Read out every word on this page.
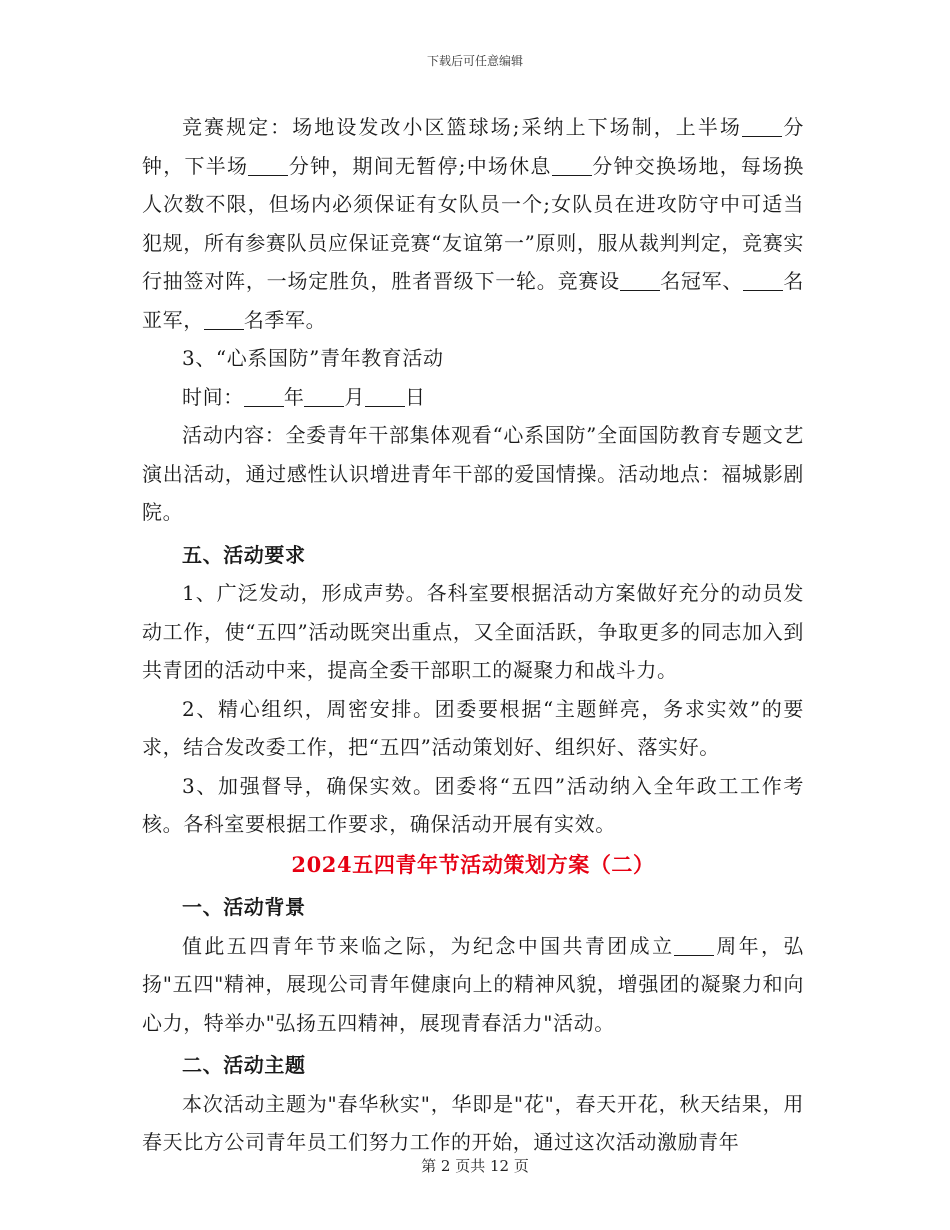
下载后可任意编辑

竞赛规定：场地设发改小区篮球场;采纳上下场制，上半场 分钟，下半场 分钟，期间无暂停;中场休息 分钟交换场地，每场换人次数不限，但场内必须保证有女队员一个;女队员在进攻防守中可适当犯规，所有参赛队员应保证竞赛“友谊第一”原则，服从裁判判定，竞赛实行抽签对阵，一场定胜负，胜者晋级下一轮。竞赛设 名冠军、 名亚军， 名季军。

3、“心系国防”青年教育活动

时间： 年 月 日

活动内容：全委青年干部集体观看“心系国防”全面国防教育专题文艺演出活动，通过感性认识增进青年干部的爱国情操。活动地点：福城影剧院。

五、活动要求

1、广泛发动，形成声势。各科室要根据活动方案做好充分的动员发动工作，使“五四”活动既突出重点，又全面活跃，争取更多的同志加入到共青团的活动中来，提高全委干部职工的凝聚力和战斗力。

2、精心组织，周密安排。团委要根据“主题鲜亮，务求实效”的要求，结合发改委工作，把“五四”活动策划好、组织好、落实好。

3、加强督导，确保实效。团委将“五四”活动纳入全年政工工作考核。各科室要根据工作要求，确保活动开展有实效。

2024五四青年节活动策划方案（二）

一、活动背景

值此五四青年节来临之际，为纪念中国共青团成立 周年，弘扬"五四"精神，展现公司青年健康向上的精神风貌，增强团的凝聚力和向心力，特举办"弘扬五四精神，展现青春活力"活动。

二、活动主题

本次活动主题为"春华秋实"，华即是"花"，春天开花，秋天结果，用春天比方公司青年员工们努力工作的开始，通过这次活动激励青年

第 2 页共 12 页
